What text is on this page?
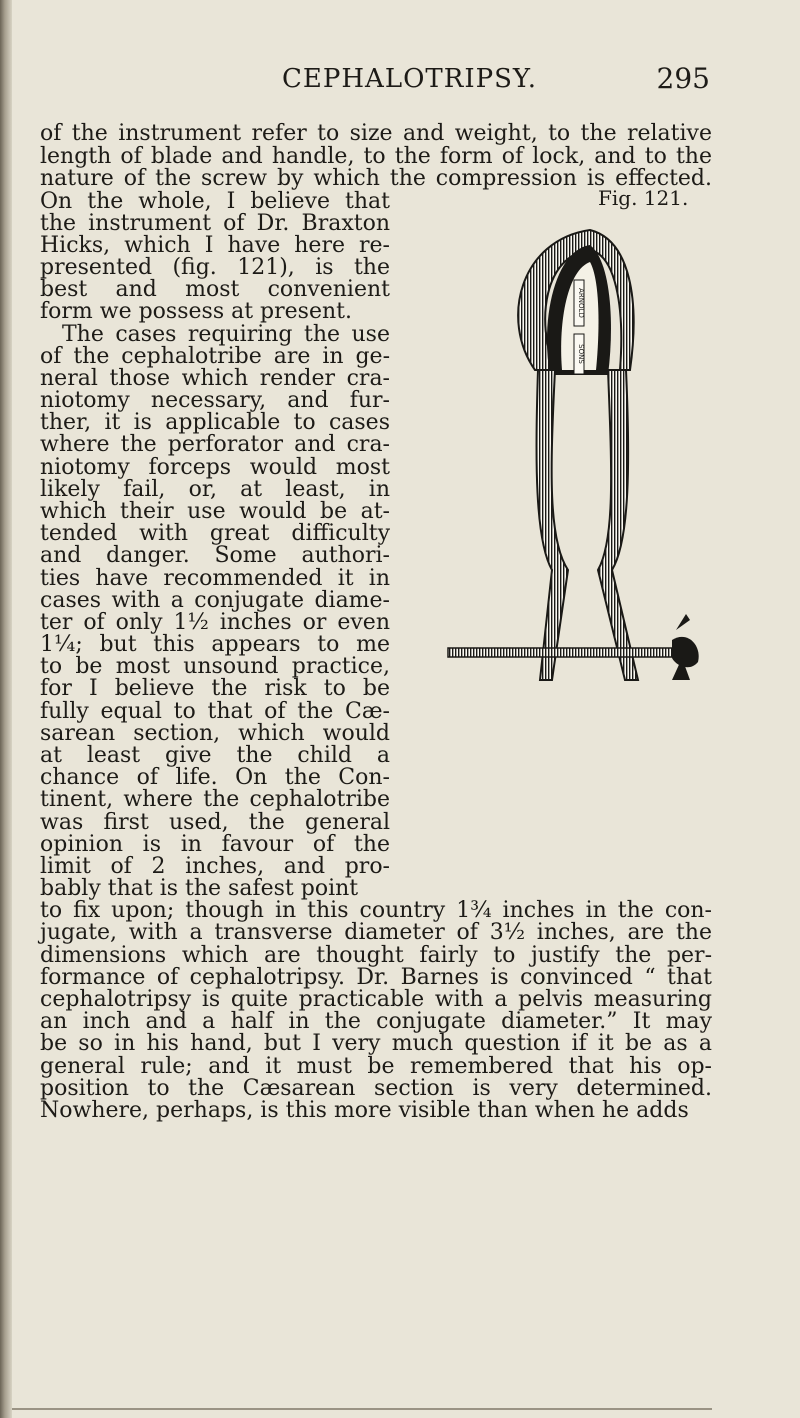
CEPHALOTRIPSY.	295
of the instrument refer to size and weight, to the relative
length of blade and handle, to the form of lock, and to the
nature of the screw by which the compression is effected.
On the whole, I believe that
the instrument of Dr. Braxton
Hicks, which I have here re-
presented (fig. 121), is the
best and most convenient
form we possess at present.
The cases requiring the use
of the cephalotribe are in ge-
neral those which render cra-
niotomy necessary, and fur-
ther, it is applicable to cases
where the perforator and cra-
niotomy forceps would most
likely fail, or, at least, in
which their use would be at-
tended with great difficulty
and danger. Some authori-
ties have recommended it in
cases with a conjugate diame-
ter of only 1½ inches or even
1¼; but this appears to me
to be most unsound practice,
for I believe the risk to be
fully equal to that of the Cæ-
sarean section, which would
at least give the child a
chance of life. On the Con-
tinent, where the cephalotribe
was first used, the general
opinion is in favour of the
limit of 2 inches, and pro-
bably that is the safest point
to fix upon; though in this country 1¾ inches in the con-
jugate, with a transverse diameter of 3½ inches, are the
dimensions which are thought fairly to justify the per-
formance of cephalotripsy. Dr. Barnes is convinced “ that
cephalotripsy is quite practicable with a pelvis measuring
an inch and a half in the conjugate diameter.” It may
be so in his hand, but I very much question if it be as a
general rule; and it must be remembered that his op-
position to the Cæsarean section is very determined.
Nowhere, perhaps, is this more visible than when he adds
Fig. 121.
ARNOLD
SONS
